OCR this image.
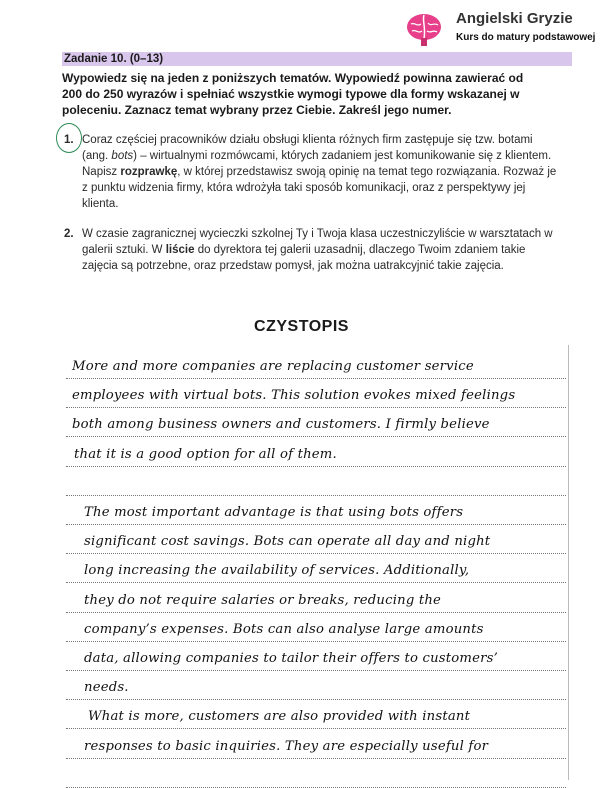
Angielski Gryzie
Kurs do matury podstawowej
Zadanie 10. (0–13)
Wypowiedz się na jeden z poniższych tematów. Wypowiedź powinna zawierać od 200 do 250 wyrazów i spełniać wszystkie wymogi typowe dla formy wskazanej w poleceniu. Zaznacz temat wybrany przez Ciebie. Zakreśl jego numer.
1. Coraz częściej pracowników działu obsługi klienta różnych firm zastępuje się tzw. botami (ang. bots) – wirtualnymi rozmówcami, których zadaniem jest komunikowanie się z klientem. Napisz rozprawkę, w której przedstawisz swoją opinię na temat tego rozwiązania. Rozważ je z punktu widzenia firmy, która wdrożyła taki sposób komunikacji, oraz z perspektywy jej klienta.
2. W czasie zagranicznej wycieczki szkolnej Ty i Twoja klasa uczestniczyliście w warsztatach w galerii sztuki. W liście do dyrektora tej galerii uzasadnij, dlaczego Twoim zdaniem takie zajęcia są potrzebne, oraz przedstaw pomysł, jak można uatrakcyjnić takie zajęcia.
CZYSTOPIS
More and more companies are replacing customer service
employees with virtual bots. This solution evokes mixed feelings
both among business owners and customers. I firmly believe
that it is a good option for all of them.
The most important advantage is that using bots offers
significant cost savings. Bots can operate all day and night
long increasing the availability of services. Additionally,
they do not require salaries or breaks, reducing the
company’s expenses. Bots can also analyse large amounts
data, allowing companies to tailor their offers to customers’
needs.
What is more, customers are also provided with instant
responses to basic inquiries. They are especially useful for
